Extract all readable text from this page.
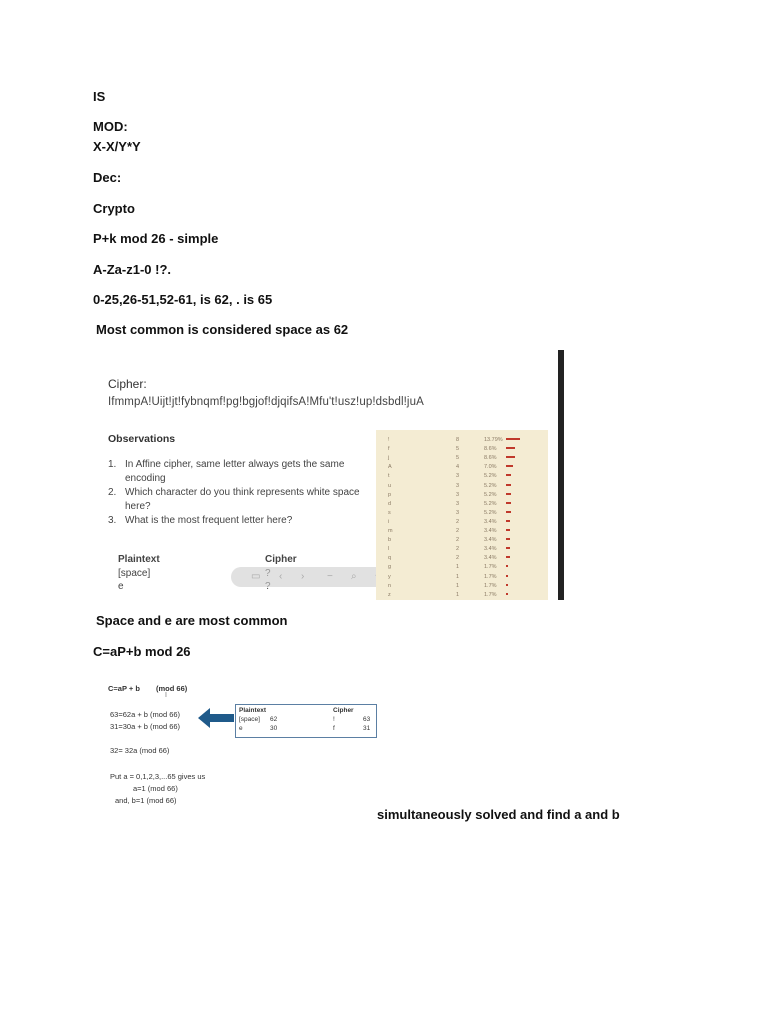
IS
MOD:
X-X/Y*Y
Dec:
Crypto
P+k mod 26 - simple
A-Za-z1-0 !?.
0-25,26-51,52-61, is 62, . is 65
Most common is considered space as 62
Cipher:
IfmmpA!Uijt!jt!fybnqmf!pg!bgjof!djqifsA!Mfu't!usz!up!dsbdl!juA
Observations
1. In Affine cipher, same letter always gets the same encoding
2. Which character do you think represents white space here?
3. What is the most frequent letter here?
Plaintext	Cipher
[space]
e
▭ ‹ › − ⌕
!	8	13.79%
f	5	8.6%
j	5	8.6%
A	4	7.0%
t	3	5.2%
u	3	5.2%
p	3	5.2%
d	3	5.2%
s	3	5.2%
i	2	3.4%
m	2	3.4%
b	2	3.4%
l	2	3.4%
q	2	3.4%
g	1	1.7%
y	1	1.7%
n	1	1.7%
z	1	1.7%
Space and e are most common
C=aP+b mod 26
C=aP + b (mod 66)
I
63=62a + b (mod 66)
31=30a + b (mod 66)
Plaintext	Cipher
[space] 62	!	63
e	30	f	31
32= 32a (mod 66)
Put a = 0,1,2,3,...65 gives us
a=1 (mod 66)
and, b=1 (mod 66)
simultaneously solved and find a and b
